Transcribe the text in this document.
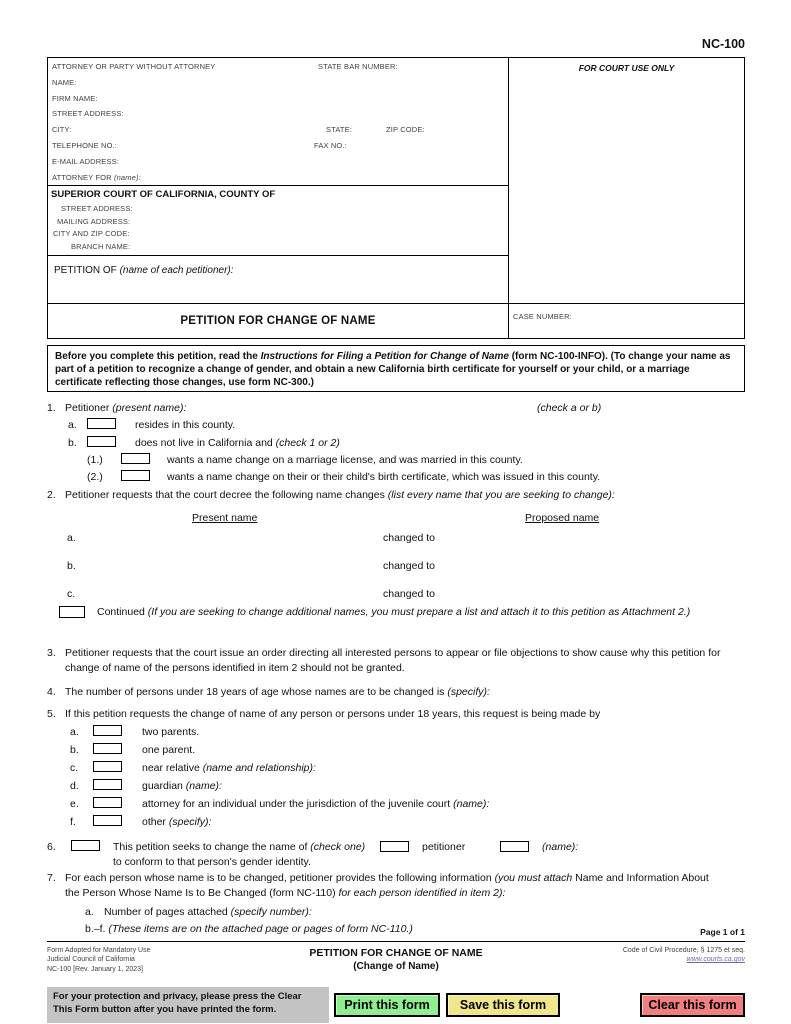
NC-100
ATTORNEY OR PARTY WITHOUT ATTORNEY	STATE BAR NUMBER:
NAME:
FIRM NAME:
STREET ADDRESS:
CITY:	STATE:	ZIP CODE:
TELEPHONE NO.:	FAX NO.:
E-MAIL ADDRESS:
ATTORNEY FOR (name):
FOR COURT USE ONLY
SUPERIOR COURT OF CALIFORNIA, COUNTY OF
STREET ADDRESS:
MAILING ADDRESS:
CITY AND ZIP CODE:
BRANCH NAME:
PETITION OF (name of each petitioner):
PETITION FOR CHANGE OF NAME	CASE NUMBER:
Before you complete this petition, read the Instructions for Filing a Petition for Change of Name (form NC-100-INFO). (To change your name as part of a petition to recognize a change of gender, and obtain a new California birth certificate for yourself or your child, or a marriage certificate reflecting those changes, use form NC-300.)
1. Petitioner (present name):	(check a or b)
a.	resides in this county.
b.	does not live in California and (check 1 or 2)
(1.)	wants a name change on a marriage license, and was married in this county.
(2.)	wants a name change on their or their child's birth certificate, which was issued in this county.
2. Petitioner requests that the court decree the following name changes (list every name that you are seeking to change):
Present name	Proposed name
a.	changed to
b.	changed to
c.	changed to
Continued (If you are seeking to change additional names, you must prepare a list and attach it to this petition as Attachment 2.)
3. Petitioner requests that the court issue an order directing all interested persons to appear or file objections to show cause why this petition for change of name of the persons identified in item 2 should not be granted.
4. The number of persons under 18 years of age whose names are to be changed is (specify):
5. If this petition requests the change of name of any person or persons under 18 years, this request is being made by
a.	two parents.
b.	one parent.
c.	near relative (name and relationship):
d.	guardian (name):
e.	attorney for an individual under the jurisdiction of the juvenile court (name):
f.	other (specify):
6.	This petition seeks to change the name of (check one)	petitioner	(name):
to conform to that person's gender identity.
7. For each person whose name is to be changed, petitioner provides the following information (you must attach Name and Information About the Person Whose Name Is to Be Changed (form NC-110) for each person identified in item 2):
a. Number of pages attached (specify number):
b.–f. (These items are on the attached page or pages of form NC-110.)	Page 1 of 1
Form Adopted for Mandatory Use
Judicial Council of California
NC-100 [Rev. January 1, 2023]
PETITION FOR CHANGE OF NAME
(Change of Name)
Code of Civil Procedure, § 1275 et seq.
www.courts.ca.gov
For your protection and privacy, please press the Clear This Form button after you have printed the form.	Print this form	Save this form	Clear this form
